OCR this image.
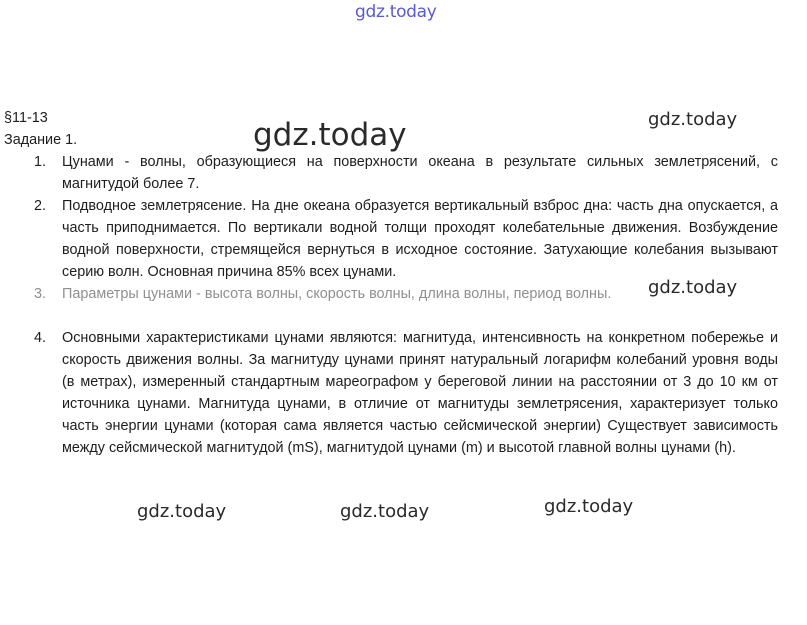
gdz.today
gdz.today	gdz.today
gdz.today

§11-13

Задание 1.

1. Цунами - волны, образующиеся на поверхности океана в результате сильных землетрясений, с магнитудой более 7.
2. Подводное землетрясение. На дне океана образуется вертикальный взброс дна: часть дна опускается, а часть приподнимается. По вертикали водной толщи проходят колебательные движения. Возбуждение водной поверхности, стремящейся вернуться в исходное состояние. Затухающие колебания вызывают серию волн. Основная причина 85% всех цунами.
3. Параметры цунами - высота волны, скорость волны, длина волны, период волны.
4. Основными характеристиками цунами являются: магнитуда, интенсивность на конкретном побережье и скорость движения волны. За магнитуду цунами принят натуральный логарифм колебаний уровня воды (в метрах), измеренный стандартным мареографом у береговой линии на расстоянии от 3 до 10 км от источника цунами. Магнитуда цунами, в отличие от магнитуды землетрясения, характеризует только часть энергии цунами (которая сама является частью сейсмической энергии) Существует зависимость между сейсмической магнитудой (mS), магнитудой цунами (m) и высотой главной волны цунами (h).
gdz.today	gdz.today	gdz.today
